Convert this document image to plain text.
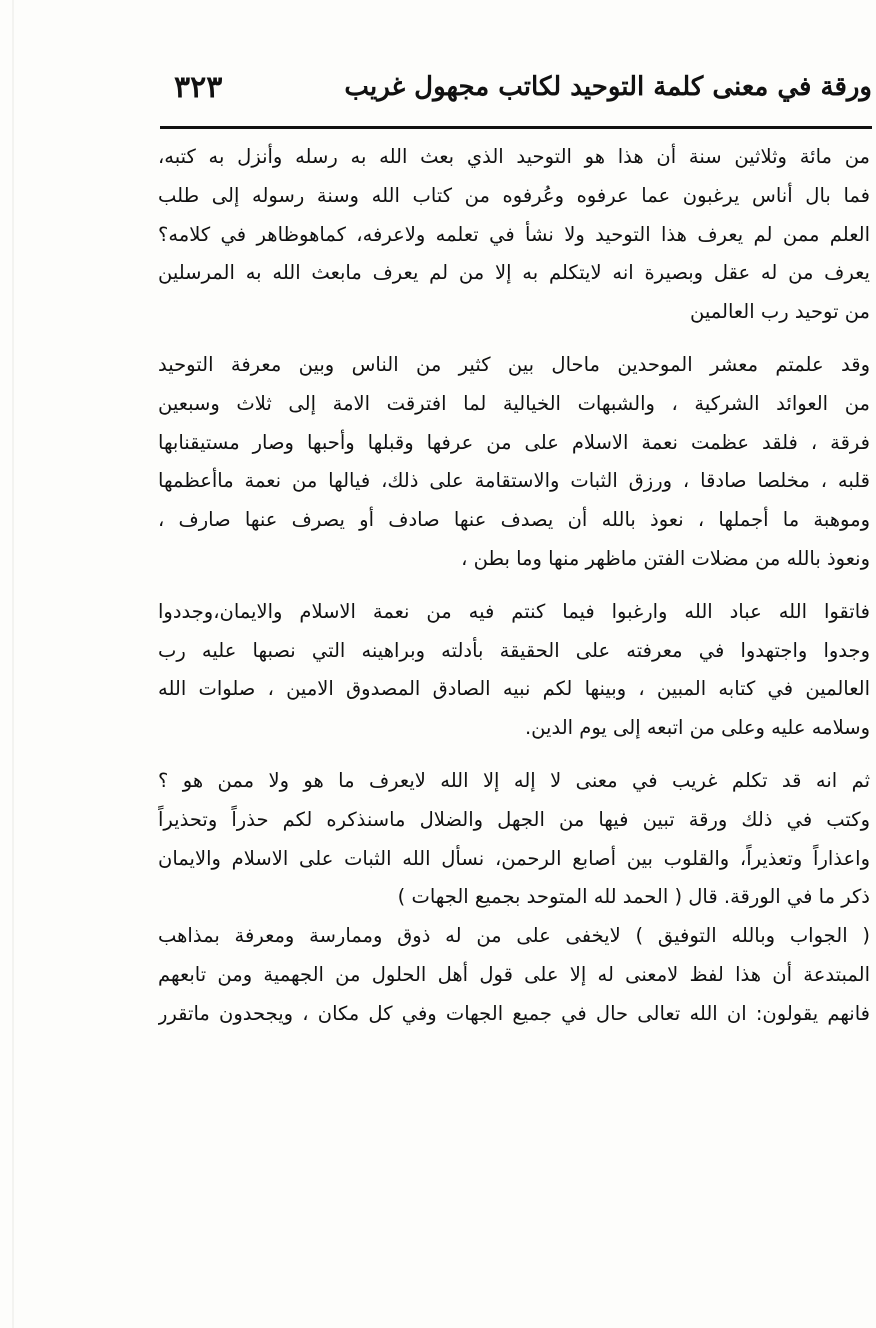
ورقة في معنى كلمة التوحيد لكاتب مجهول غريب
٣٢٣
من مائة وثلاثين سنة أن هذا هو التوحيد الذي بعث الله به رسله وأنزل به كتبه،
فما بال أناس يرغبون عما عرفوه وعُرفوه من كتاب الله وسنة رسوله إلى طلب
العلم ممن لم يعرف هذا التوحيد ولا نشأ في تعلمه ولاعرفه، كماهوظاهر في كلامه؟
يعرف من له عقل وبصيرة انه لايتكلم به إلا من لم يعرف مابعث الله به المرسلين
من توحيد رب العالمين
وقد علمتم معشر الموحدين ماحال بين كثير من الناس وبين معرفة التوحيد
من العوائد الشركية ، والشبهات الخيالية لما افترقت الامة إلى ثلاث وسبعين
فرقة ، فلقد عظمت نعمة الاسلام على من عرفها وقبلها وأحبها وصار مستيقنابها
قلبه ، مخلصا صادقا ، ورزق الثبات والاستقامة على ذلك، فيالها من نعمة ماأعظمها
وموهبة ما أجملها ، نعوذ بالله أن يصدف عنها صادف أو يصرف عنها صارف ،
ونعوذ بالله من مضلات الفتن ماظهر منها وما بطن ،
فاتقوا الله عباد الله وارغبوا فيما كنتم فيه من نعمة الاسلام والايمان،وجددوا
وجدوا واجتهدوا في معرفته على الحقيقة بأدلته وبراهينه التي نصبها عليه رب
العالمين في كتابه المبين ، وبينها لكم نبيه الصادق المصدوق الامين ، صلوات الله
وسلامه عليه وعلى من اتبعه إلى يوم الدين.
ثم انه قد تكلم غريب في معنى لا إله إلا الله لايعرف ما هو ولا ممن هو ؟
وكتب في ذلك ورقة تبين فيها من الجهل والضلال ماسنذكره لكم حذراً وتحذيراً
واعذاراً وتعذيراً، والقلوب بين أصابع الرحمن، نسأل الله الثبات على الاسلام والايمان
ذكر ما في الورقة. قال ( الحمد لله المتوحد بجميع الجهات )
( الجواب وبالله التوفيق ) لايخفى على من له ذوق وممارسة ومعرفة بمذاهب
المبتدعة أن هذا لفظ لامعنى له إلا على قول أهل الحلول من الجهمية ومن تابعهم
فانهم يقولون: ان الله تعالى حال في جميع الجهات وفي كل مكان ، ويجحدون ماتقرر
